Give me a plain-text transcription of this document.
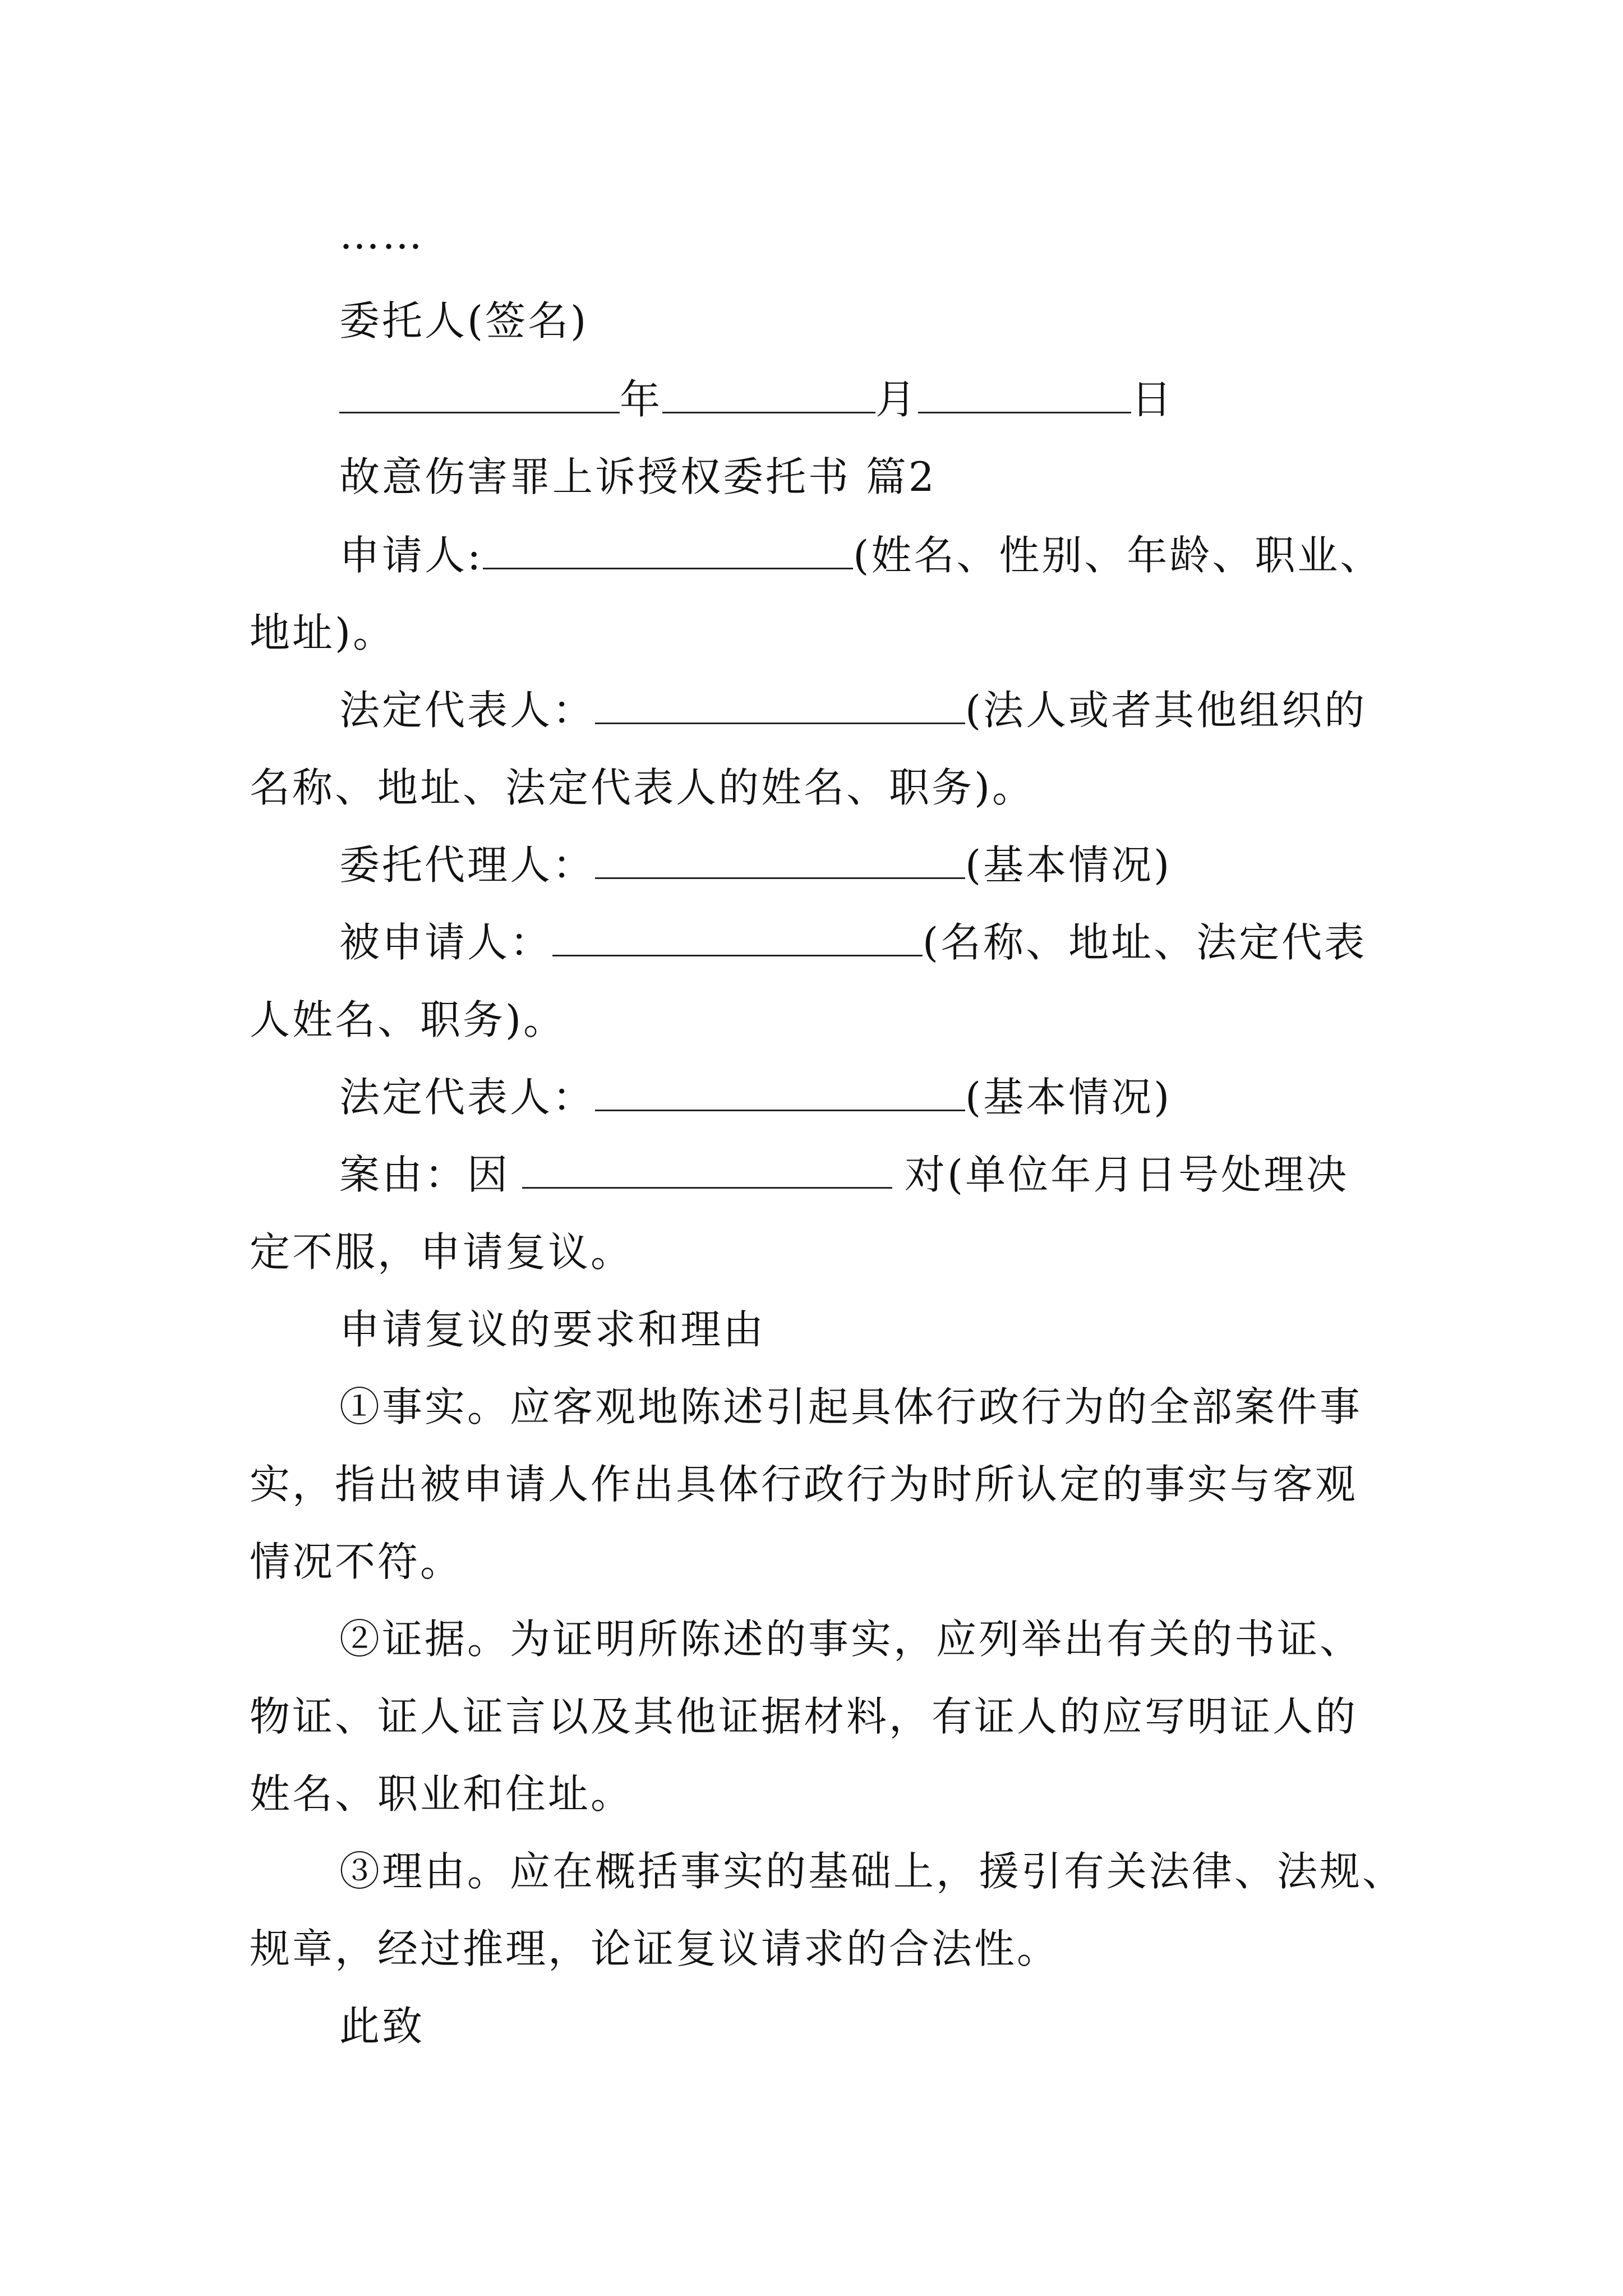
……
委托人(签名)
年	月	日
故意伤害罪上诉授权委托书 篇2
申请人:	(姓名、性别、年龄、职业、
地址)。
法定代表人：	(法人或者其他组织的
名称、地址、法定代表人的姓名、职务)。
委托代理人：	(基本情况)
被申请人：	(名称、地址、法定代表
人姓名、职务)。
法定代表人：	(基本情况)
案由：因	对(单位年月日号处理决
定不服，申请复议。
申请复议的要求和理由
①事实。应客观地陈述引起具体行政行为的全部案件事
实，指出被申请人作出具体行政行为时所认定的事实与客观
情况不符。
②证据。为证明所陈述的事实，应列举出有关的书证、
物证、证人证言以及其他证据材料，有证人的应写明证人的
姓名、职业和住址。
③理由。应在概括事实的基础上，援引有关法律、法规、
规章，经过推理，论证复议请求的合法性。
此致
